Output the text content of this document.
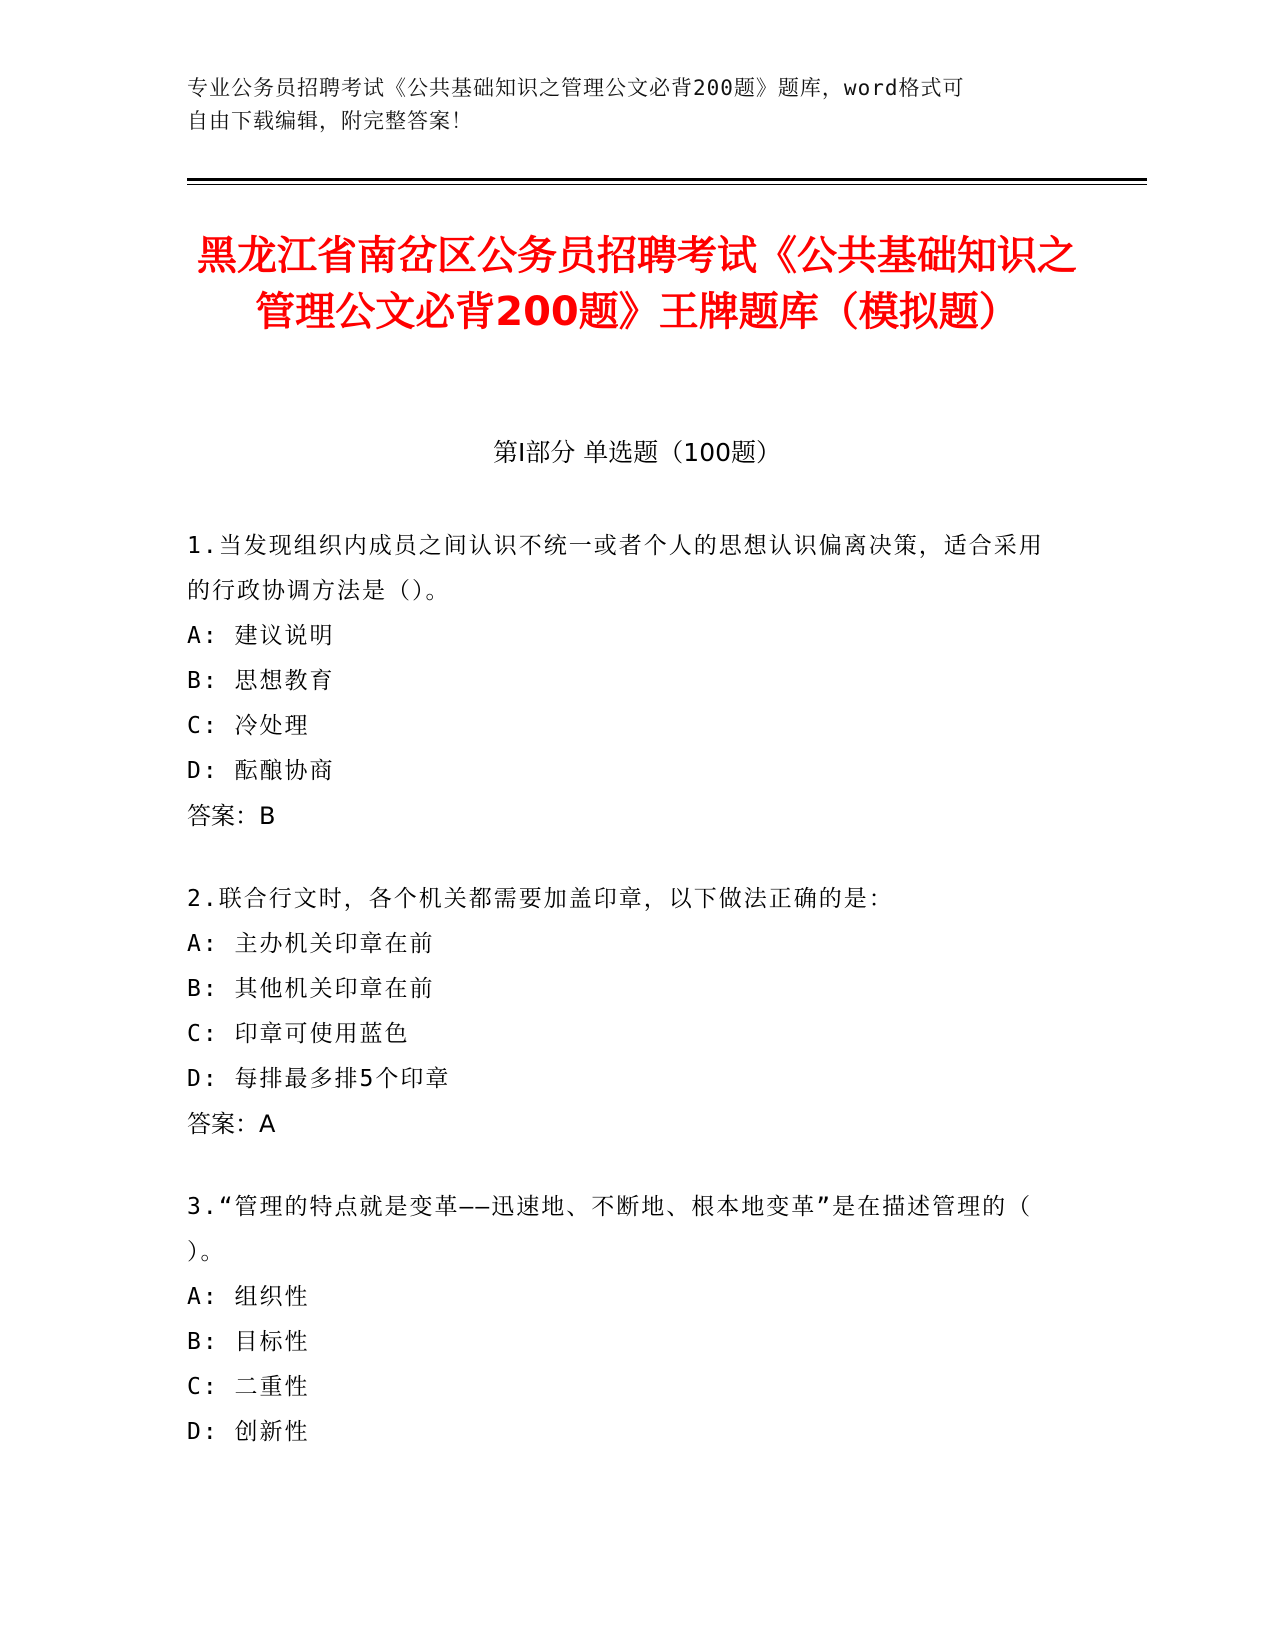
专业公务员招聘考试《公共基础知识之管理公文必背200题》题库，word格式可
自由下载编辑，附完整答案！
黑龙江省南岔区公务员招聘考试《公共基础知识之管理公文必背200题》王牌题库（模拟题）
第I部分 单选题（100题）

1.当发现组织内成员之间认识不统一或者个人的思想认识偏离决策，适合采用的行政协调方法是（）。

A: 建议说明

B: 思想教育

C: 冷处理

D: 酝酿协商

答案：B

2.联合行文时，各个机关都需要加盖印章，以下做法正确的是：

A: 主办机关印章在前

B: 其他机关印章在前

C: 印章可使用蓝色

D: 每排最多排5个印章

答案：A

3.“管理的特点就是变革——迅速地、不断地、根本地变革”是在描述管理的（      ）。

A: 组织性

B: 目标性

C: 二重性

D: 创新性
